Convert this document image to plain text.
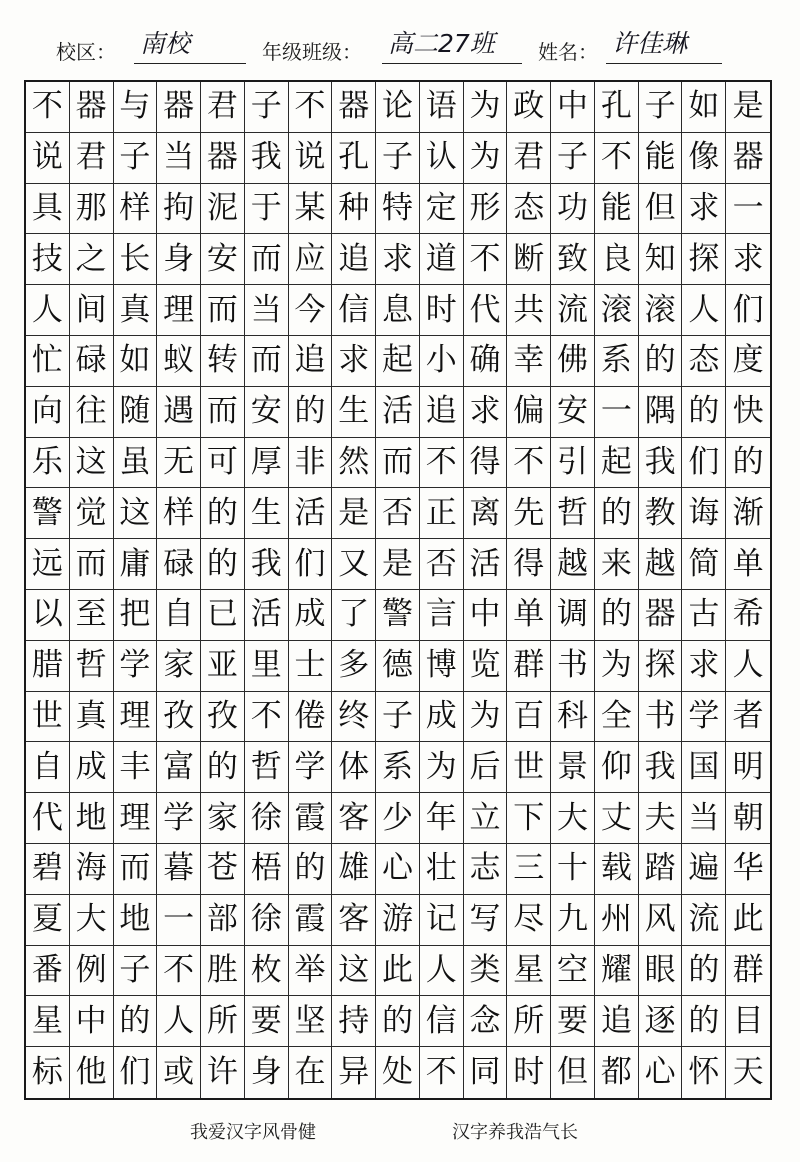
校区： 南校	年级班级： 高二27班	姓名： 许佳琳
不 器 与 器 君 子 不 器 论 语 为 政 中 孔 子 如 是
说 君 子 当 器 我 说 孔 子 认 为 君 子 不 能 像 器
具 那 样 拘 泥 于 某 种 特 定 形 态 功 能 但 求 一
技 之 长 身 安 而 应 追 求 道 不 断 致 良 知 探 求
人 间 真 理 而 当 今 信 息 时 代 共 流 滚 滚 人 们
忙 碌 如 蚁 转 而 追 求 起 小 确 幸 佛 系 的 态 度
向 往 随 遇 而 安 的 生 活 追 求 偏 安 一 隅 的 快
乐 这 虽 无 可 厚 非 然 而 不 得 不 引 起 我 们 的
警 觉 这 样 的 生 活 是 否 正 离 先 哲 的 教 诲 渐
远 而 庸 碌 的 我 们 又 是 否 活 得 越 来 越 简 单
以 至 把 自 已 活 成 了 警 言 中 单 调 的 器 古 希
腊 哲 学 家 亚 里 士 多 德 博 览 群 书 为 探 求 人
世 真 理 孜 孜 不 倦 终 子 成 为 百 科 全 书 学 者
自 成 丰 富 的 哲 学 体 系 为 后 世 景 仰 我 国 明
代 地 理 学 家 徐 霞 客 少 年 立 下 大 丈 夫 当 朝
碧 海 而 暮 苍 梧 的 雄 心 壮 志 三 十 载 踏 遍 华
夏 大 地 一 部 徐 霞 客 游 记 写 尽 九 州 风 流 此
番 例 子 不 胜 枚 举 这 此 人 类 星 空 耀 眼 的 群
星 中 的 人 所 要 坚 持 的 信 念 所 要 追 逐 的 目
标 他 们 或 许 身 在 异 处 不 同 时 但 都 心 怀 天
我爱汉字风骨健	汉字养我浩气长
